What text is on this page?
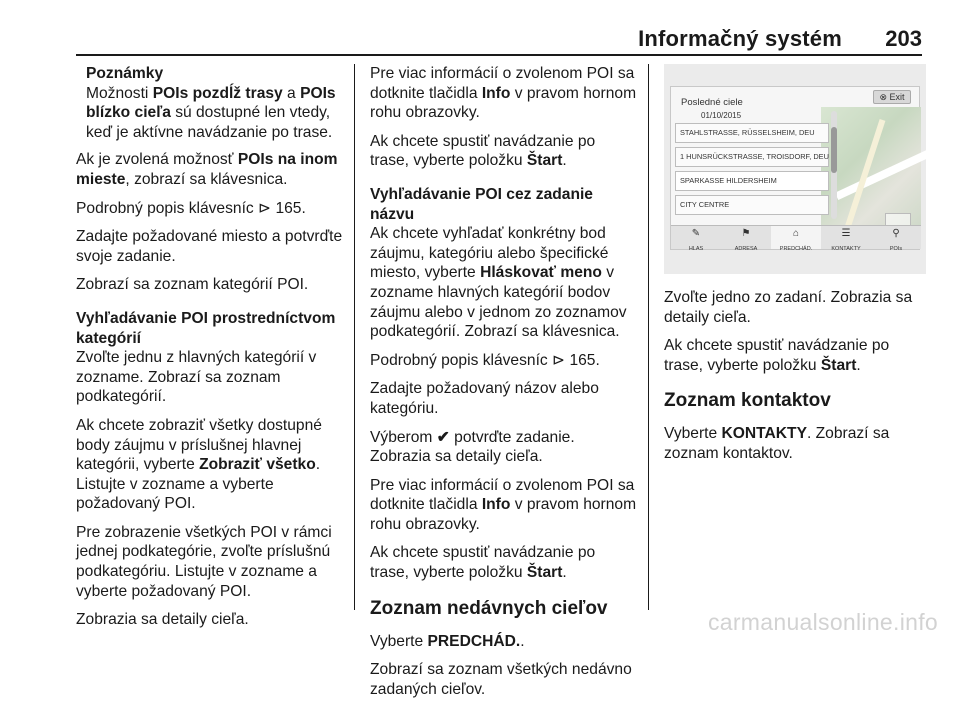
Informačný systém 203
Poznámky
Možnosti POIs pozdĺž trasy a POIs blízko cieľa sú dostupné len vtedy, keď je aktívne navádzanie po trase.

Ak je zvolená možnosť POIs na inom mieste, zobrazí sa klávesnica.

Podrobný popis klávesníc ⊳ 165.

Zadajte požadované miesto a potvrďte svoje zadanie.

Zobrazí sa zoznam kategórií POI.

Vyhľadávanie POI prostredníctvom kategórií

Zvoľte jednu z hlavných kategórií v zozname. Zobrazí sa zoznam podkategórií.

Ak chcete zobraziť všetky dostupné body záujmu v príslušnej hlavnej kategórii, vyberte Zobraziť všetko. Listujte v zozname a vyberte požadovaný POI.

Pre zobrazenie všetkých POI v rámci jednej podkategórie, zvoľte príslušnú podkategóriu. Listujte v zozname a vyberte požadovaný POI.

Zobrazia sa detaily cieľa.

Pre viac informácií o zvolenom POI sa dotknite tlačidla Info v pravom hornom rohu obrazovky.

Ak chcete spustiť navádzanie po trase, vyberte položku Štart.

Vyhľadávanie POI cez zadanie názvu

Ak chcete vyhľadať konkrétny bod záujmu, kategóriu alebo špecifické miesto, vyberte Hláskovať meno v zozname hlavných kategórií bodov záujmu alebo v jednom zo zoznamov podkategórií. Zobrazí sa klávesnica.

Podrobný popis klávesníc ⊳ 165.

Zadajte požadovaný názov alebo kategóriu.

Výberom ✔ potvrďte zadanie. Zobrazia sa detaily cieľa.

Pre viac informácií o zvolenom POI sa dotknite tlačidla Info v pravom hornom rohu obrazovky.

Ak chcete spustiť navádzanie po trase, vyberte položku Štart.

Zoznam nedávnych cieľov

Vyberte PREDCHÁD..

Zobrazí sa zoznam všetkých nedávno zadaných cieľov.

Posledné ciele	⊗ Exit
01/10/2015
STAHLSTRASSE, RÜSSELSHEIM, DEU
1 HUNSRÜCKSTRASSE, TROISDORF, DEU
SPARKASSE HILDERSHEIM
CITY CENTRE
✎
HLAS
⚑
ADRESA
⌂
PREDCHÁD.
☰
KONTAKTY
⚲
POIs

Zvoľte jedno zo zadaní. Zobrazia sa detaily cieľa.

Ak chcete spustiť navádzanie po trase, vyberte položku Štart.

Zoznam kontaktov

Vyberte KONTAKTY. Zobrazí sa zoznam kontaktov.

carmanualsonline.info
